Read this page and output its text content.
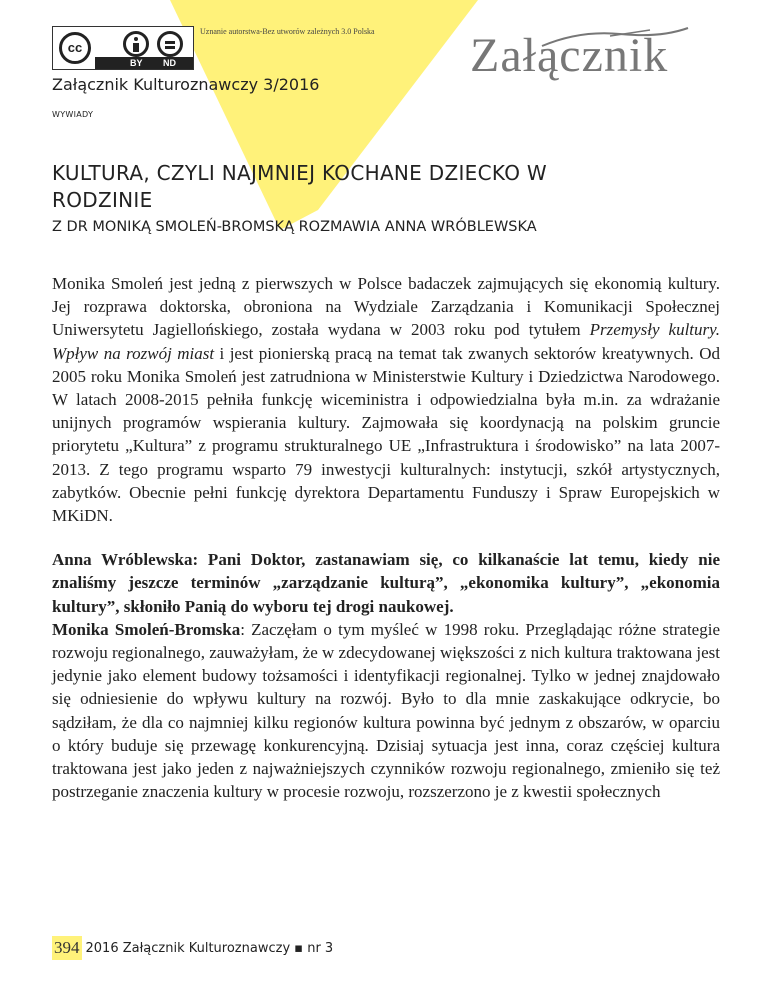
cc
BY ND
Uznanie autorstwa-Bez utworów zależnych 3.0 Polska Załącznik
Załącznik Kulturoznawczy 3/2016
WYWIADY
KULTURA, CZYLI NAJMNIEJ KOCHANE DZIECKO W RODZINIE
Z DR MONIKĄ SMOLEŃ-BROMSKĄ ROZMAWIA ANNA WRÓBLEWSKA

Monika Smoleń jest jedną z pierwszych w Polsce badaczek zajmujących się ekonomią kultury. Jej rozprawa doktorska, obroniona na Wydziale Zarządzania i Komunikacji Społecznej Uniwersytetu Jagiellońskiego, została wydana w 2003 roku pod tytułem Przemysły kultury. Wpływ na rozwój miast i jest pionierską pracą na temat tak zwanych sektorów kreatywnych. Od 2005 roku Monika Smoleń jest zatrudniona w Ministerstwie Kultury i Dziedzictwa Narodowego. W latach 2008-2015 pełniła funkcję wiceministra i odpowiedzialna była m.in. za wdrażanie unijnych programów wspierania kultury. Zajmowała się koordynacją na polskim gruncie priorytetu „Kultura” z programu strukturalnego UE „Infrastruktura i środowisko” na lata 2007-2013. Z tego programu wsparto 79 inwestycji kulturalnych: instytucji, szkół artystycznych, zabytków. Obecnie pełni funkcję dyrektora Departamentu Funduszy i Spraw Europejskich w MKiDN.

Anna Wróblewska: Pani Doktor, zastanawiam się, co kilkanaście lat temu, kiedy nie znaliśmy jeszcze terminów „zarządzanie kulturą”, „ekonomika kultury”, „ekonomia kultury”, skłoniło Panią do wyboru tej drogi naukowej.

Monika Smoleń-Bromska: Zaczęłam o tym myśleć w 1998 roku. Przeglądając różne strategie rozwoju regionalnego, zauważyłam, że w zdecydowanej większości z nich kultura traktowana jest jedynie jako element budowy tożsamości i identyfikacji regionalnej. Tylko w jednej znajdowało się odniesienie do wpływu kultury na rozwój. Było to dla mnie zaskakujące odkrycie, bo sądziłam, że dla co najmniej kilku regionów kultura powinna być jednym z obszarów, w oparciu o który buduje się przewagę konkurencyjną. Dzisiaj sytuacja jest inna, coraz częściej kultura traktowana jest jako jeden z najważniejszych czynników rozwoju regionalnego, zmieniło się też postrzeganie znaczenia kultury w procesie rozwoju, rozszerzono je z kwestii społecznych

394 2016 Załącznik Kulturoznawczy ▪ nr 3
